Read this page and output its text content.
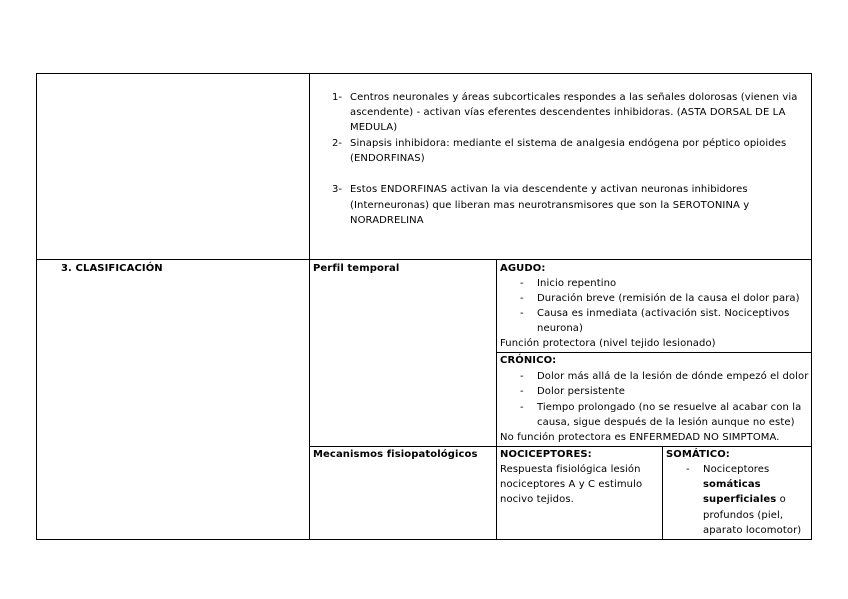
1- Centros neuronales y áreas subcorticales respondes a las señales dolorosas (vienen via
ascendente) - activan vías eferentes descendentes inhibidoras. (ASTA DORSAL DE LA
MEDULA)
2- Sinapsis inhibidora: mediante el sistema de analgesia endógena por péptico opioides
(ENDORFINAS)
3- Estos ENDORFINAS activan la via descendente y activan neuronas inhibidores
(Interneuronas) que liberan mas neurotransmisores que son la SEROTONINA y
NORADRELINA
3. CLASIFICACIÓN	Perfil temporal	AGUDO:
- Inicio repentino
- Duración breve (remisión de la causa el dolor para)
- Causa es inmediata (activación sist. Nociceptivos
neurona)
Función protectora (nivel tejido lesionado)
CRÓNICO:
- Dolor más allá de la lesión de dónde empezó el dolor
- Dolor persistente
- Tiempo prolongado (no se resuelve al acabar con la
causa, sigue después de la lesión aunque no este)
No función protectora es ENFERMEDAD NO SIMPTOMA.
Mecanismos fisiopatológicos NOCICEPTORES:
Respuesta fisiológica lesión
nociceptores A y C estimulo
nocivo tejidos.
SOMÁTICO:
- Nociceptores
somáticas
superficiales o
profundos (piel,
aparato locomotor)
